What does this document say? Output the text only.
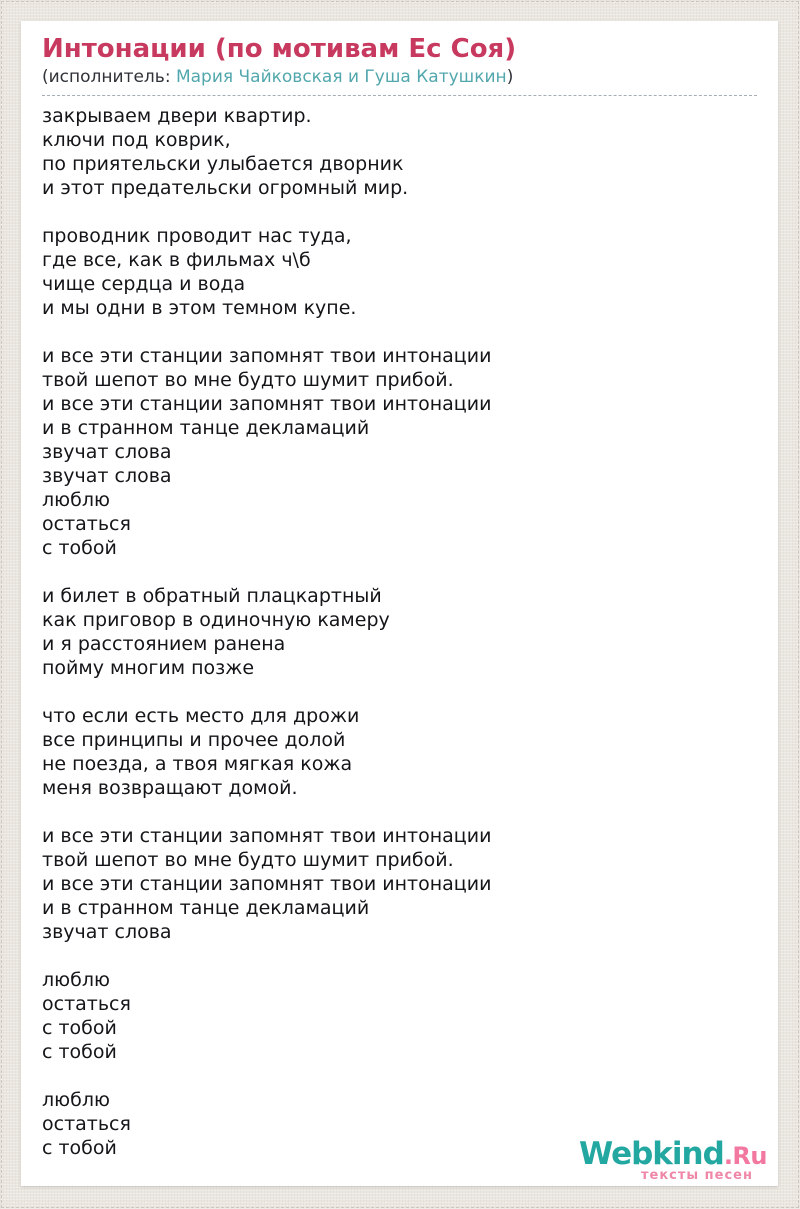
Интонации (по мотивам Ес Соя)

(исполнитель: Мария Чайковская и Гуша Катушкин)

закрываем двери квартир.
ключи под коврик,
по приятельски улыбается дворник
и этот предательски огромный мир.
проводник проводит нас туда,
где все, как в фильмах ч\б
чище сердца и вода
и мы одни в этом темном купе.
и все эти станции запомнят твои интонации
твой шепот во мне будто шумит прибой.
и все эти станции запомнят твои интонации
и в странном танце декламаций
звучат слова
звучат слова
люблю
остаться
с тобой
и билет в обратный плацкартный
как приговор в одиночную камеру
и я расстоянием ранена
пойму многим позже
что если есть место для дрожи
все принципы и прочее долой
не поезда, а твоя мягкая кожа
меня возвращают домой.
и все эти станции запомнят твои интонации
твой шепот во мне будто шумит прибой.
и все эти станции запомнят твои интонации
и в странном танце декламаций
звучат слова
люблю
остаться
с тобой
с тобой
люблю
остаться
с тобой	Webkind.Ru
тексты песен
